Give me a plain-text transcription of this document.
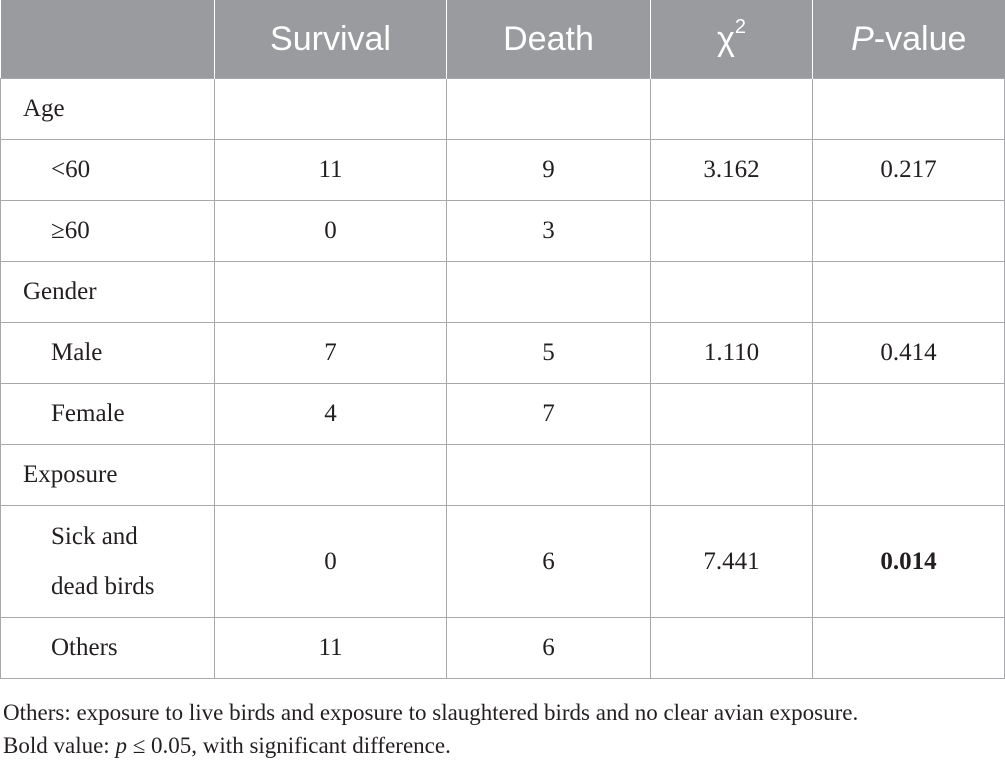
	Survival	Death	$\chi^2$	P-value
Age				
<60	11	9	3.162	0.217
≥60	0	3		
Gender				
Male	7	5	1.110	0.414
Female	4	7		
Exposure				
Sick and
dead birds	0	6	7.441	0.014
Others	11	6		
Others: exposure to live birds and exposure to slaughtered birds and no clear avian exposure.
Bold value: p ≤ 0.05, with significant difference.
